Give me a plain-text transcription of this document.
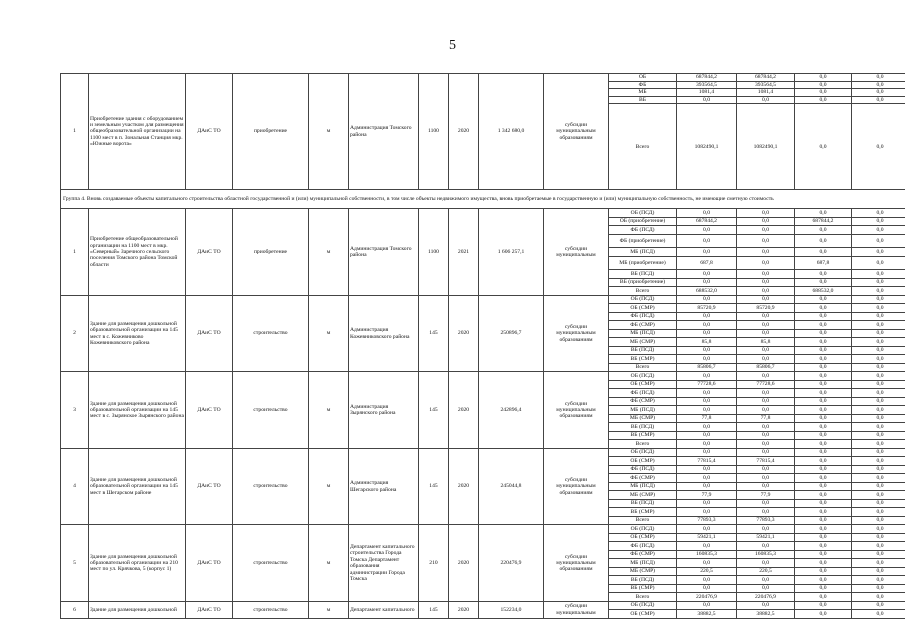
5
1	Приобретение здания с оборудованием и земельным участком для размещения общеобразовательной организации на 1100 мест в п. Зональная Станция мкр. «Южные ворота»	ДАиС ТО	приобретение	м	Администрация Томского района	1100	2020	1 342 680,0	субсидии муниципальным образованиям	ОБ	687844,2	687844,2	0,0	0,0
										ФБ	393564,5	393564,5	0,0	0,0
										МБ	1081,4	1081,4	0,0	0,0
										ВБ	0,0	0,0	0,0	0,0
										Всего	1082490,1	1082490,1	0,0	0,0
Группа 4. Вновь создаваемые объекты капитального строительства областной государственной и (или) муниципальной собственности, в том числе объекты недвижимого имущества, вновь приобретаемые в государственную и (или) муниципальную собственность, не имеющие сметную стоимость														
1	Приобретение общеобразовательной организации на 1100 мест в мкр. «Северный» Заречного сельского поселения Томского района Томской области	ДАиС ТО	приобретение	м	Администрация Томского района	1100	2021	1 606 257,1	субсидии муниципальным	ОБ (ПСД)	0,0	0,0	0,0	0,0
										ОБ (приобретение)	687844,2	0,0	687844,2	0,0
										ФБ (ПСД)	0,0	0,0	0,0	0,0
										ФБ (приобретение)	0,0	0,0	0,0	0,0
										МБ (ПСД)	0,0	0,0	0,0	0,0
										МБ (приобретение)	687,8	0,0	687,8	0,0
										ВБ (ПСД)	0,0	0,0	0,0	0,0
										ВБ (приобретение)	0,0	0,0	0,0	0,0
										Всего	688532,0	0,0	688532,0	0,0
2	Здание для размещения дошкольной образовательной организации на 145 мест в с. Кожевниково Кожевниковского района	ДАиС ТО	строительство	м	Администрация Кожевниковского района	145	2020	250896,7	субсидии муниципальным образованиям	ОБ (ПСД)	0,0	0,0	0,0	0,0
										ОБ (СМР)	85720,9	85720,9	0,0	0,0
										ФБ (ПСД)	0,0	0,0	0,0	0,0
										ФБ (СМР)	0,0	0,0	0,0	0,0
										МБ (ПСД)	0,0	0,0	0,0	0,0
										МБ (СМР)	85,8	85,8	0,0	0,0
										ВБ (ПСД)	0,0	0,0	0,0	0,0
										ВБ (СМР)	0,0	0,0	0,0	0,0
										Всего	85806,7	85806,7	0,0	0,0
3	Здание для размещения дошкольной образовательной организации на 145 мест в с. Зырянское Зырянского района	ДАиС ТО	строительство	м	Администрация Зырянского района	145	2020	242896,4	субсидии муниципальным образованиям	ОБ (ПСД)	0,0	0,0	0,0	0,0
										ОБ (СМР)	77728,6	77728,6	0,0	0,0
										ФБ (ПСД)	0,0	0,0	0,0	0,0
										ФБ (СМР)	0,0	0,0	0,0	0,0
										МБ (ПСД)	0,0	0,0	0,0	0,0
										МБ (СМР)	77,8	77,8	0,0	0,0
										ВБ (ПСД)	0,0	0,0	0,0	0,0
										ВБ (СМР)	0,0	0,0	0,0	0,0
										Всего	0,0	0,0	0,0	0,0
4	Здание для размещения дошкольной образовательной организации на 145 мест в Шегарском районе	ДАиС ТО	строительство	м	Администрация Шегарского района	145	2020	245044,8	субсидии муниципальным образованиям	ОБ (ПСД)	0,0	0,0	0,0	0,0
										ОБ (СМР)	77815,4	77815,4	0,0	0,0
										ФБ (ПСД)	0,0	0,0	0,0	0,0
										ФБ (СМР)	0,0	0,0	0,0	0,0
										МБ (ПСД)	0,0	0,0	0,0	0,0
										МБ (СМР)	77,9	77,9	0,0	0,0
										ВБ (ПСД)	0,0	0,0	0,0	0,0
										ВБ (СМР)	0,0	0,0	0,0	0,0
										Всего	77893,3	77893,3	0,0	0,0
5	Здание для размещения дошкольной образовательной организации на 210 мест по ул. Крячкова, 5 (корпус 1)	ДАиС ТО	строительство	м	Департамент капитального строительства Города Томска Департамент образования администрации Города Томска	210	2020	220476,9	субсидии муниципальным образованиям	ОБ (ПСД)	0,0	0,0	0,0	0,0
										ОБ (СМР)	59421,1	59421,1	0,0	0,0
										ФБ (ПСД)	0,0	0,0	0,0	0,0
										ФБ (СМР)	160835,3	160835,3	0,0	0,0
										МБ (ПСД)	0,0	0,0	0,0	0,0
										МБ (СМР)	220,5	220,5	0,0	0,0
										ВБ (ПСД)	0,0	0,0	0,0	0,0
										ВБ (СМР)	0,0	0,0	0,0	0,0
										Всего	220476,9	220476,9	0,0	0,0
6	Здание для размещения дошкольной	ДАиС ТО	строительство	м	Департамент капитального	145	2020	152234,0	субсидии муниципальным	ОБ (ПСД)	0,0	0,0	0,0	0,0
										ОБ (СМР)	38882,5	38882,5	0,0	0,0
